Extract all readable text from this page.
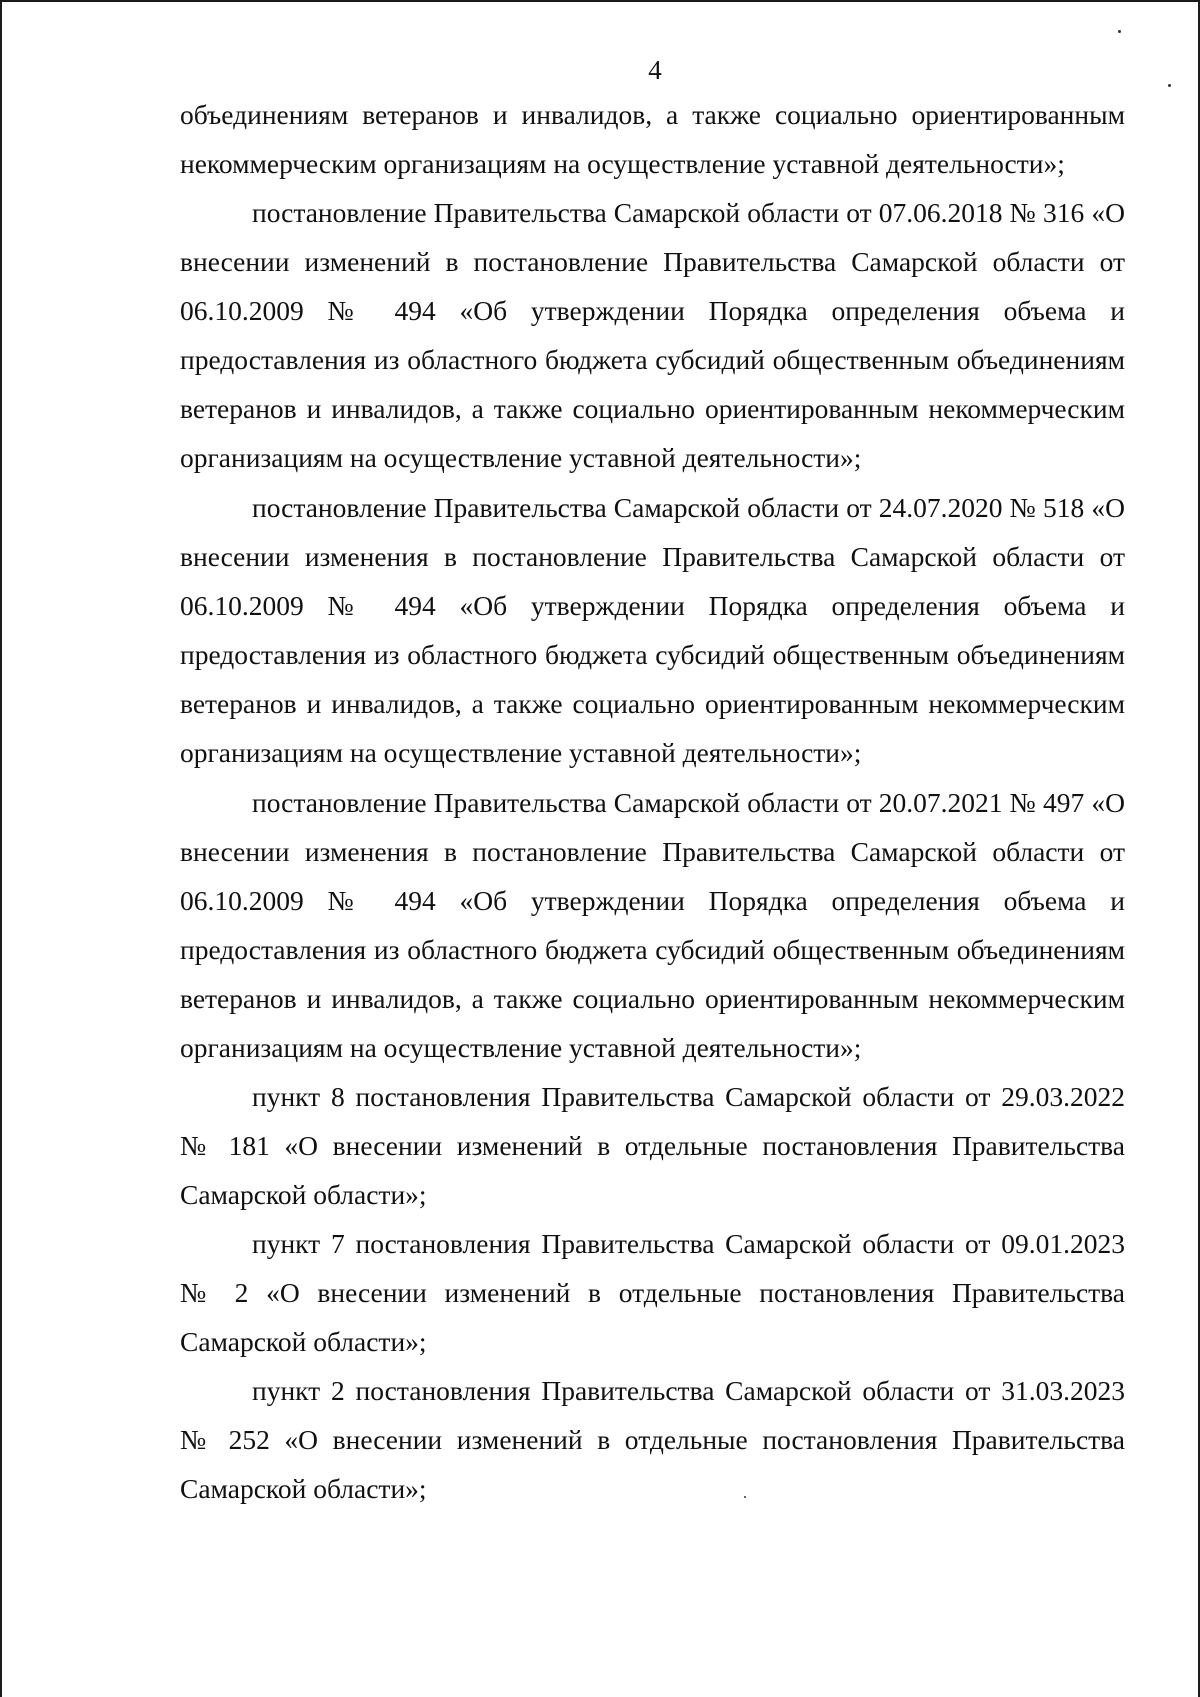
4

объединениям ветеранов и инвалидов, а также социально ориентированным некоммерческим организациям на осуществление уставной деятельности»;

постановление Правительства Самарской области от 07.06.2018 № 316 «О внесении изменений в постановление Правительства Самарской области от 06.10.2009 № 494 «Об утверждении Порядка определения объема и предоставления из областного бюджета субсидий общественным объединениям ветеранов и инвалидов, а также социально ориентированным некоммерческим организациям на осуществление уставной деятельности»;

постановление Правительства Самарской области от 24.07.2020 № 518 «О внесении изменения в постановление Правительства Самарской области от 06.10.2009 № 494 «Об утверждении Порядка определения объема и предоставления из областного бюджета субсидий общественным объединениям ветеранов и инвалидов, а также социально ориентированным некоммерческим организациям на осуществление уставной деятельности»;

постановление Правительства Самарской области от 20.07.2021 № 497 «О внесении изменения в постановление Правительства Самарской области от 06.10.2009 № 494 «Об утверждении Порядка определения объема и предоставления из областного бюджета субсидий общественным объединениям ветеранов и инвалидов, а также социально ориентированным некоммерческим организациям на осуществление уставной деятельности»;

пункт 8 постановления Правительства Самарской области от 29.03.2022 № 181 «О внесении изменений в отдельные постановления Правительства Самарской области»;

пункт 7 постановления Правительства Самарской области от 09.01.2023 № 2 «О внесении изменений в отдельные постановления Правительства Самарской области»;

пункт 2 постановления Правительства Самарской области от 31.03.2023 № 252 «О внесении изменений в отдельные постановления Правительства Самарской области»;
